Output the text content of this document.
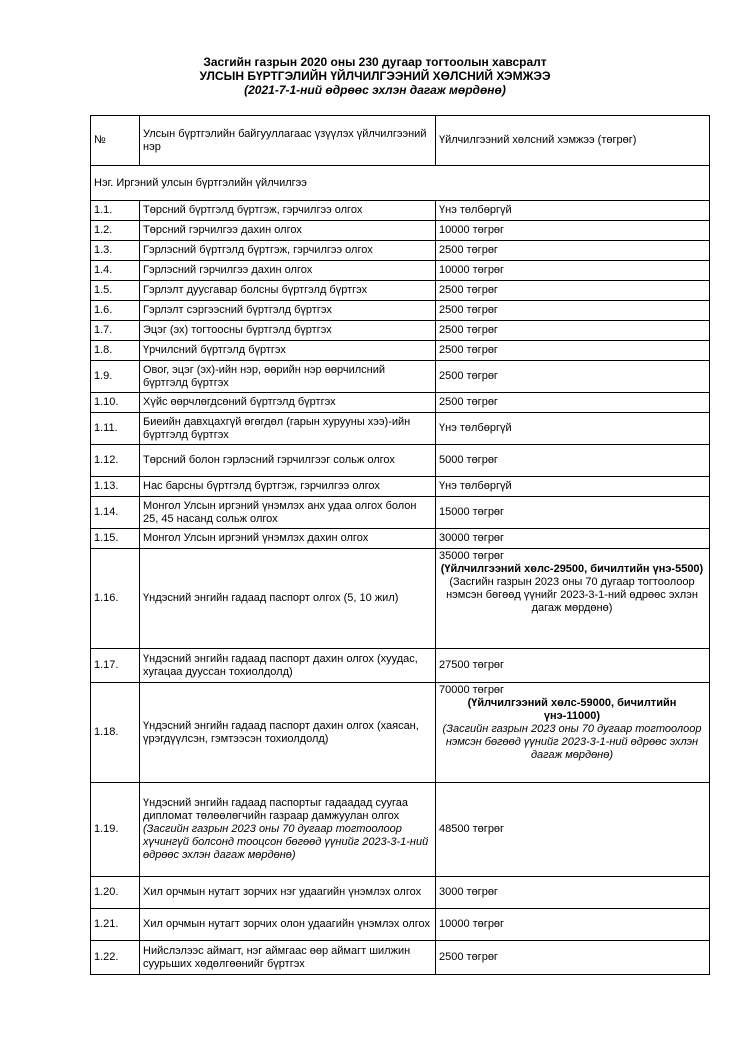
Засгийн газрын 2020 оны 230 дугаар тогтоолын хавсралт
УЛСЫН БҮРТГЭЛИЙН ҮЙЛЧИЛГЭЭНИЙ ХӨЛСНИЙ ХЭМЖЭЭ
(2021-7-1-ний өдрөөс эхлэн дагаж мөрдөнө)
№	Улсын бүртгэлийн байгууллагаас үзүүлэх үйлчилгээний нэр	Үйлчилгээний хөлсний хэмжээ (төгрөг)
Нэг. Иргэний улсын бүртгэлийн үйлчилгээ		
1.1.	Төрсний бүртгэлд бүртгэж, гэрчилгээ олгох	Үнэ төлбөргүй
1.2.	Төрсний гэрчилгээ дахин олгох	10000 төгрөг
1.3.	Гэрлэсний бүртгэлд бүртгэж, гэрчилгээ олгох	2500 төгрөг
1.4.	Гэрлэсний гэрчилгээ дахин олгох	10000 төгрөг
1.5.	Гэрлэлт дуусгавар болсны бүртгэлд бүртгэх	2500 төгрөг
1.6.	Гэрлэлт сэргээсний бүртгэлд бүртгэх	2500 төгрөг
1.7.	Эцэг (эх) тогтоосны бүртгэлд бүртгэх	2500 төгрөг
1.8.	Үрчилсний бүртгэлд бүртгэх	2500 төгрөг
1.9.	Овог, эцэг (эх)-ийн нэр, өөрийн нэр өөрчилсний бүртгэлд бүртгэх	2500 төгрөг
1.10.	Хүйс өөрчлөгдсөний бүртгэлд бүртгэх	2500 төгрөг
1.11.	Биеийн давхцахгүй өгөгдөл (гарын хурууны хээ)-ийн бүртгэлд бүртгэх	Үнэ төлбөргүй
1.12.	Төрсний болон гэрлэсний гэрчилгээг сольж олгох	5000 төгрөг
1.13.	Нас барсны бүртгэлд бүртгэж, гэрчилгээ олгох	Үнэ төлбөргүй
1.14.	Монгол Улсын иргэний үнэмлэх анх удаа олгох болон 25, 45 насанд сольж олгох	15000 төгрөг
1.15.	Монгол Улсын иргэний үнэмлэх дахин олгох	30000 төгрөг
1.16.	Үндэсний энгийн гадаад паспорт олгох (5, 10 жил)	35000 төгрөг
(Үйлчилгээний хөлс-29500, бичилтийн үнэ-5500)
(Засгийн газрын 2023 оны 70 дугаар тогтоолоор нэмсэн бөгөөд үүнийг 2023-3-1-ний өдрөөс эхлэн дагаж мөрдөнө)

1.17.	Үндэсний энгийн гадаад паспорт дахин олгох (хуудас, хугацаа дууссан тохиолдолд)	27500 төгрөг
1.18.	Үндэсний энгийн гадаад паспорт дахин олгох (хаясан, үрэгдүүлсэн, гэмтээсэн тохиолдолд)	70000 төгрөг
(Үйлчилгээний хөлс-59000, бичилтийн үнэ-11000)
(Засгийн газрын 2023 оны 70 дугаар тогтоолоор нэмсэн бөгөөд үүнийг 2023-3-1-ний өдрөөс эхлэн дагаж мөрдөнө)

1.19.	Үндэсний энгийн гадаад паспортыг гадаадад суугаа дипломат төлөөлөгчийн газраар дамжуулан олгох (Засгийн газрын 2023 оны 70 дугаар тогтоолоор хүчингүй болсонд тооцсон бөгөөд үүнийг 2023-3-1-ний өдрөөс эхлэн дагаж мөрдөнө)	48500 төгрөг
1.20.	Хил орчмын нутагт зорчих нэг удаагийн үнэмлэх олгох	3000 төгрөг
1.21.	Хил орчмын нутагт зорчих олон удаагийн үнэмлэх олгох	10000 төгрөг
1.22.	Нийслэлээс аймагт, нэг аймгаас өөр аймагт шилжин суурьших хөдөлгөөнийг бүртгэх	2500 төгрөг
